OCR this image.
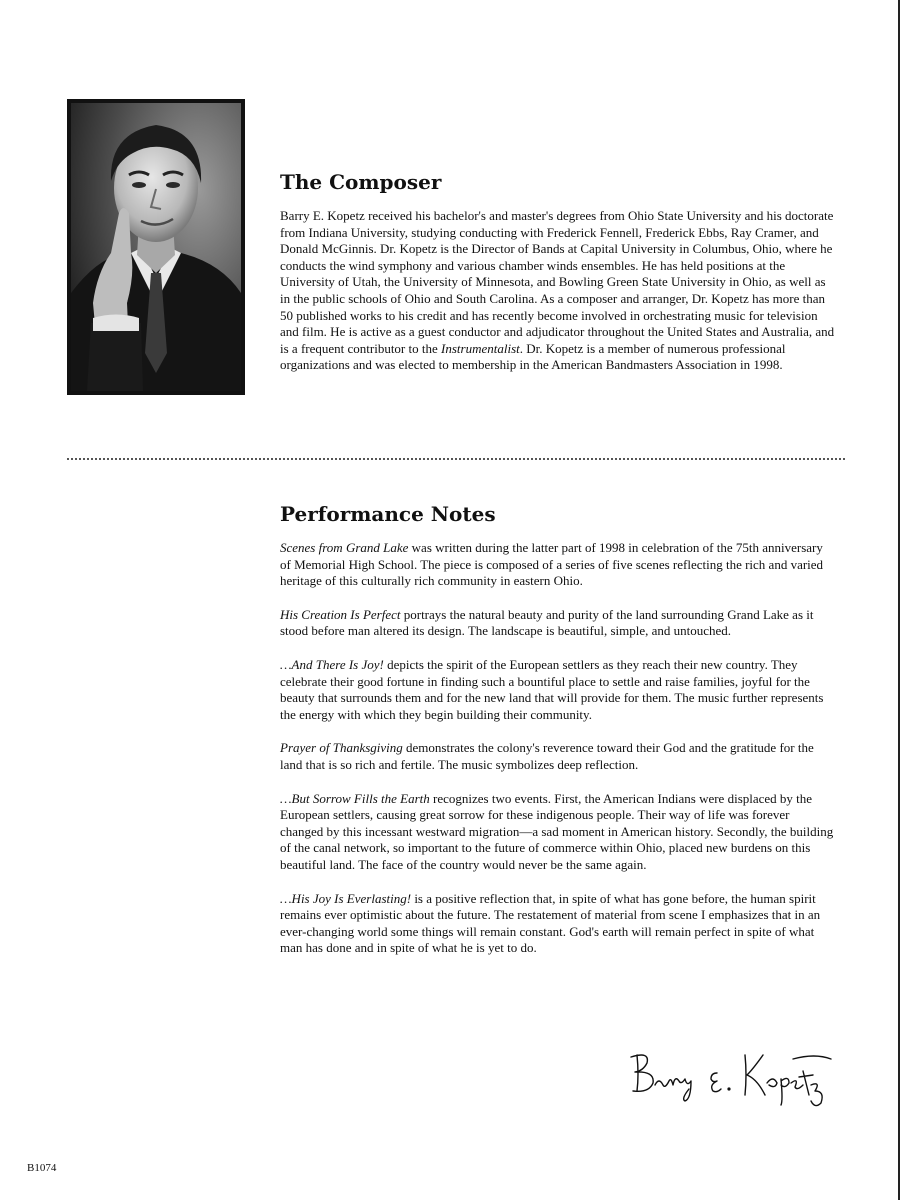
The Composer
Barry E. Kopetz received his bachelor's and master's degrees from Ohio State University and his doctorate from Indiana University, studying conducting with Frederick Fennell, Frederick Ebbs, Ray Cramer, and Donald McGinnis. Dr. Kopetz is the Director of Bands at Capital University in Columbus, Ohio, where he conducts the wind symphony and various chamber winds ensembles. He has held positions at the University of Utah, the University of Minnesota, and Bowling Green State University in Ohio, as well as in the public schools of Ohio and South Carolina. As a composer and arranger, Dr. Kopetz has more than 50 published works to his credit and has recently become involved in orchestrating music for television and film. He is active as a guest conductor and adjudicator throughout the United States and Australia, and is a frequent contributor to the Instrumentalist. Dr. Kopetz is a member of numerous professional organizations and was elected to membership in the American Bandmasters Association in 1998.
Performance Notes

Scenes from Grand Lake was written during the latter part of 1998 in celebration of the 75th anniversary of Memorial High School. The piece is composed of a series of five scenes reflecting the rich and varied heritage of this culturally rich community in eastern Ohio.

His Creation Is Perfect portrays the natural beauty and purity of the land surrounding Grand Lake as it stood before man altered its design. The landscape is beautiful, simple, and untouched.

…And There Is Joy! depicts the spirit of the European settlers as they reach their new country. They celebrate their good fortune in finding such a bountiful place to settle and raise families, joyful for the beauty that surrounds them and for the new land that will provide for them. The music further represents the energy with which they begin building their community.

Prayer of Thanksgiving demonstrates the colony's reverence toward their God and the gratitude for the land that is so rich and fertile. The music symbolizes deep reflection.

…But Sorrow Fills the Earth recognizes two events. First, the American Indians were displaced by the European settlers, causing great sorrow for these indigenous people. Their way of life was forever changed by this incessant westward migration—a sad moment in American history. Secondly, the building of the canal network, so important to the future of commerce within Ohio, placed new burdens on this beautiful land. The face of the country would never be the same again.

…His Joy Is Everlasting! is a positive reflection that, in spite of what has gone before, the human spirit remains ever optimistic about the future. The restatement of material from scene I emphasizes that in an ever-changing world some things will remain constant. God's earth will remain perfect in spite of what man has done and in spite of what he is yet to do.

B1074
